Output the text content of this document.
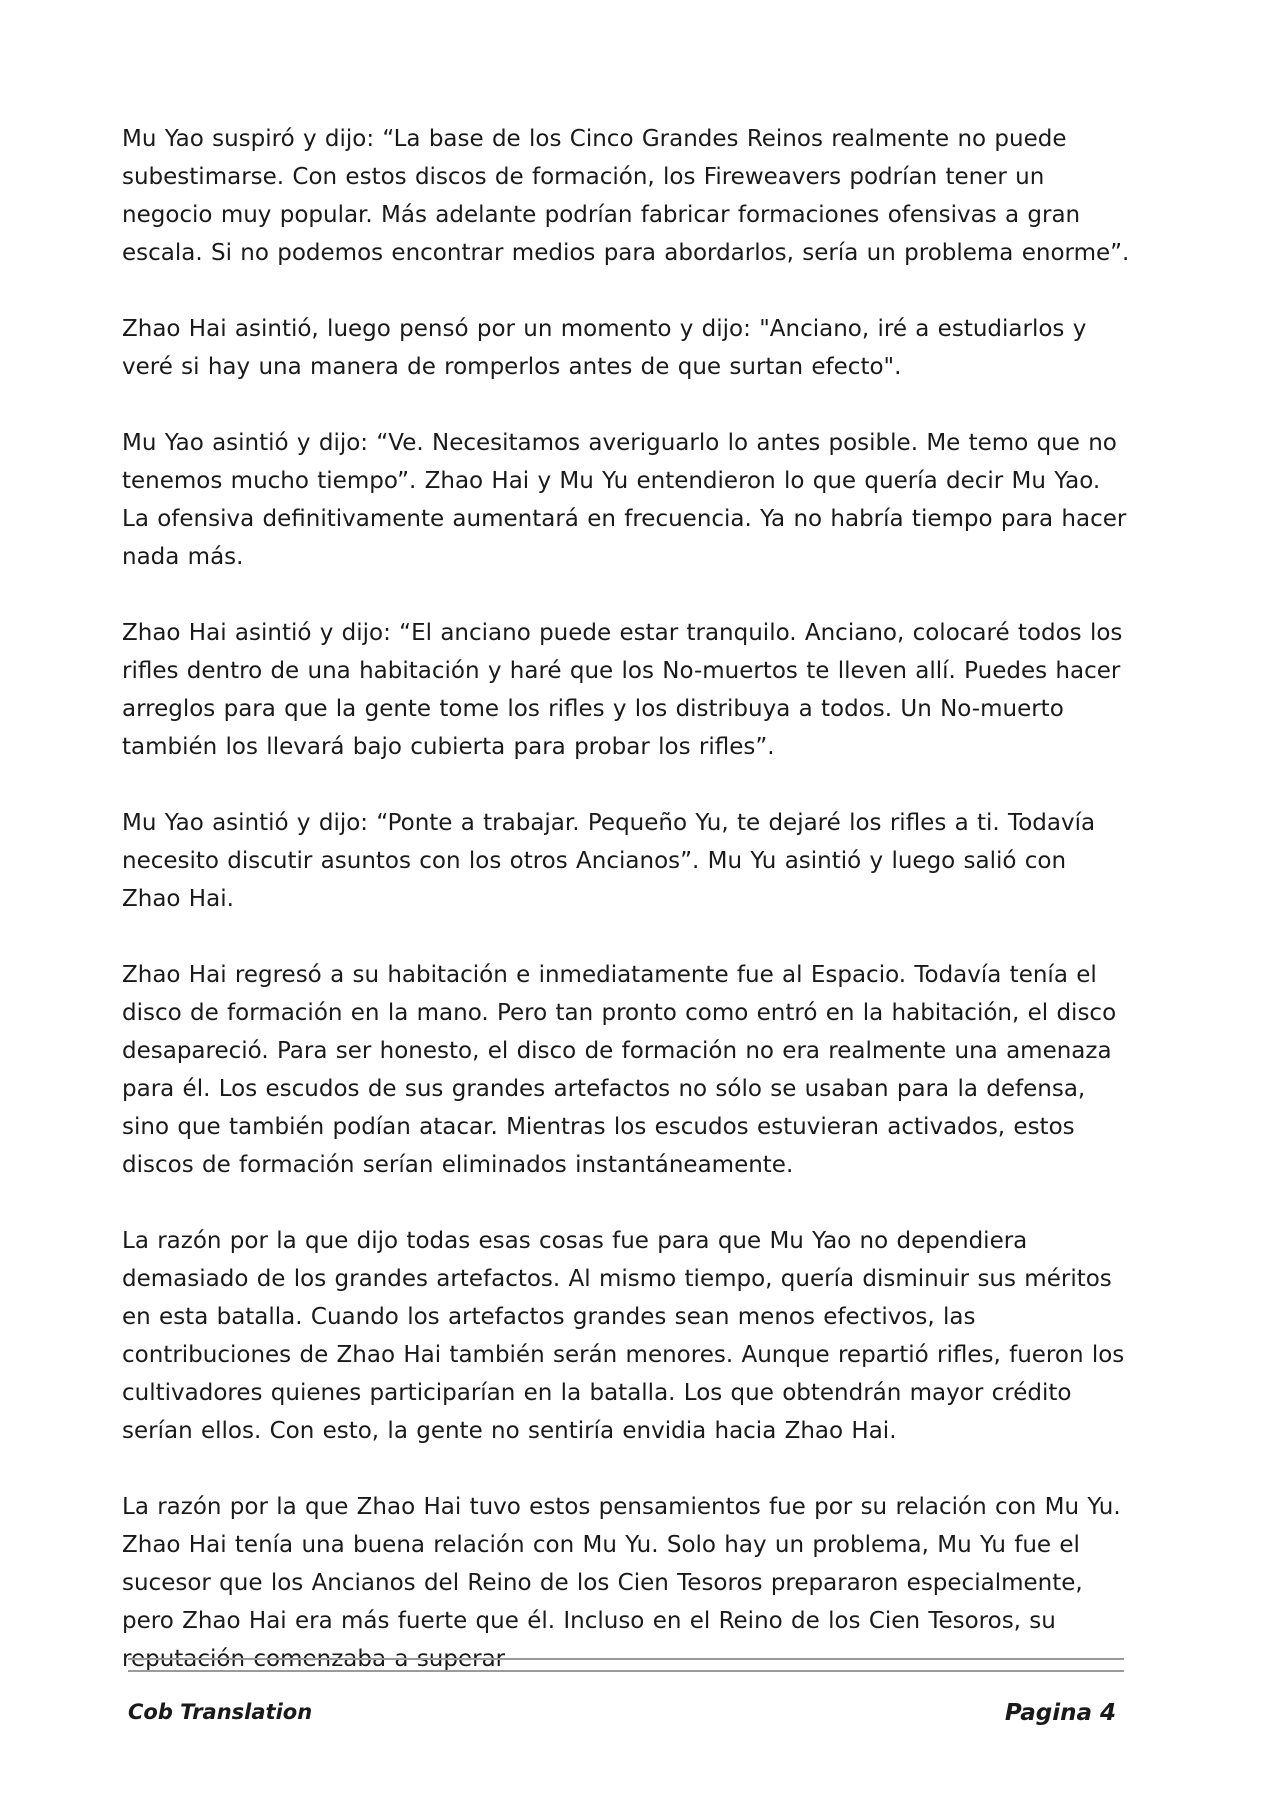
Mu Yao suspiró y dijo: “La base de los Cinco Grandes Reinos realmente no puede subestimarse. Con estos discos de formación, los Fireweavers podrían tener un negocio muy popular. Más adelante podrían fabricar formaciones ofensivas a gran escala. Si no podemos encontrar medios para abordarlos, sería un problema enorme”.

Zhao Hai asintió, luego pensó por un momento y dijo: "Anciano, iré a estudiarlos y veré si hay una manera de romperlos antes de que surtan efecto".

Mu Yao asintió y dijo: “Ve. Necesitamos averiguarlo lo antes posible. Me temo que no tenemos mucho tiempo”. Zhao Hai y Mu Yu entendieron lo que quería decir Mu Yao. La ofensiva definitivamente aumentará en frecuencia. Ya no habría tiempo para hacer nada más.

Zhao Hai asintió y dijo: “El anciano puede estar tranquilo. Anciano, colocaré todos los rifles dentro de una habitación y haré que los No-muertos te lleven allí. Puedes hacer arreglos para que la gente tome los rifles y los distribuya a todos. Un No-muerto también los llevará bajo cubierta para probar los rifles”.

Mu Yao asintió y dijo: “Ponte a trabajar. Pequeño Yu, te dejaré los rifles a ti. Todavía necesito discutir asuntos con los otros Ancianos”. Mu Yu asintió y luego salió con Zhao Hai.

Zhao Hai regresó a su habitación e inmediatamente fue al Espacio. Todavía tenía el disco de formación en la mano. Pero tan pronto como entró en la habitación, el disco desapareció. Para ser honesto, el disco de formación no era realmente una amenaza para él. Los escudos de sus grandes artefactos no sólo se usaban para la defensa, sino que también podían atacar. Mientras los escudos estuvieran activados, estos discos de formación serían eliminados instantáneamente.

La razón por la que dijo todas esas cosas fue para que Mu Yao no dependiera demasiado de los grandes artefactos. Al mismo tiempo, quería disminuir sus méritos en esta batalla. Cuando los artefactos grandes sean menos efectivos, las contribuciones de Zhao Hai también serán menores. Aunque repartió rifles, fueron los cultivadores quienes participarían en la batalla. Los que obtendrán mayor crédito serían ellos. Con esto, la gente no sentiría envidia hacia Zhao Hai.

La razón por la que Zhao Hai tuvo estos pensamientos fue por su relación con Mu Yu. Zhao Hai tenía una buena relación con Mu Yu. Solo hay un problema, Mu Yu fue el sucesor que los Ancianos del Reino de los Cien Tesoros prepararon especialmente, pero Zhao Hai era más fuerte que él. Incluso en el Reino de los Cien Tesoros, su reputación comenzaba a superar

Cob Translation	Pagina 4
